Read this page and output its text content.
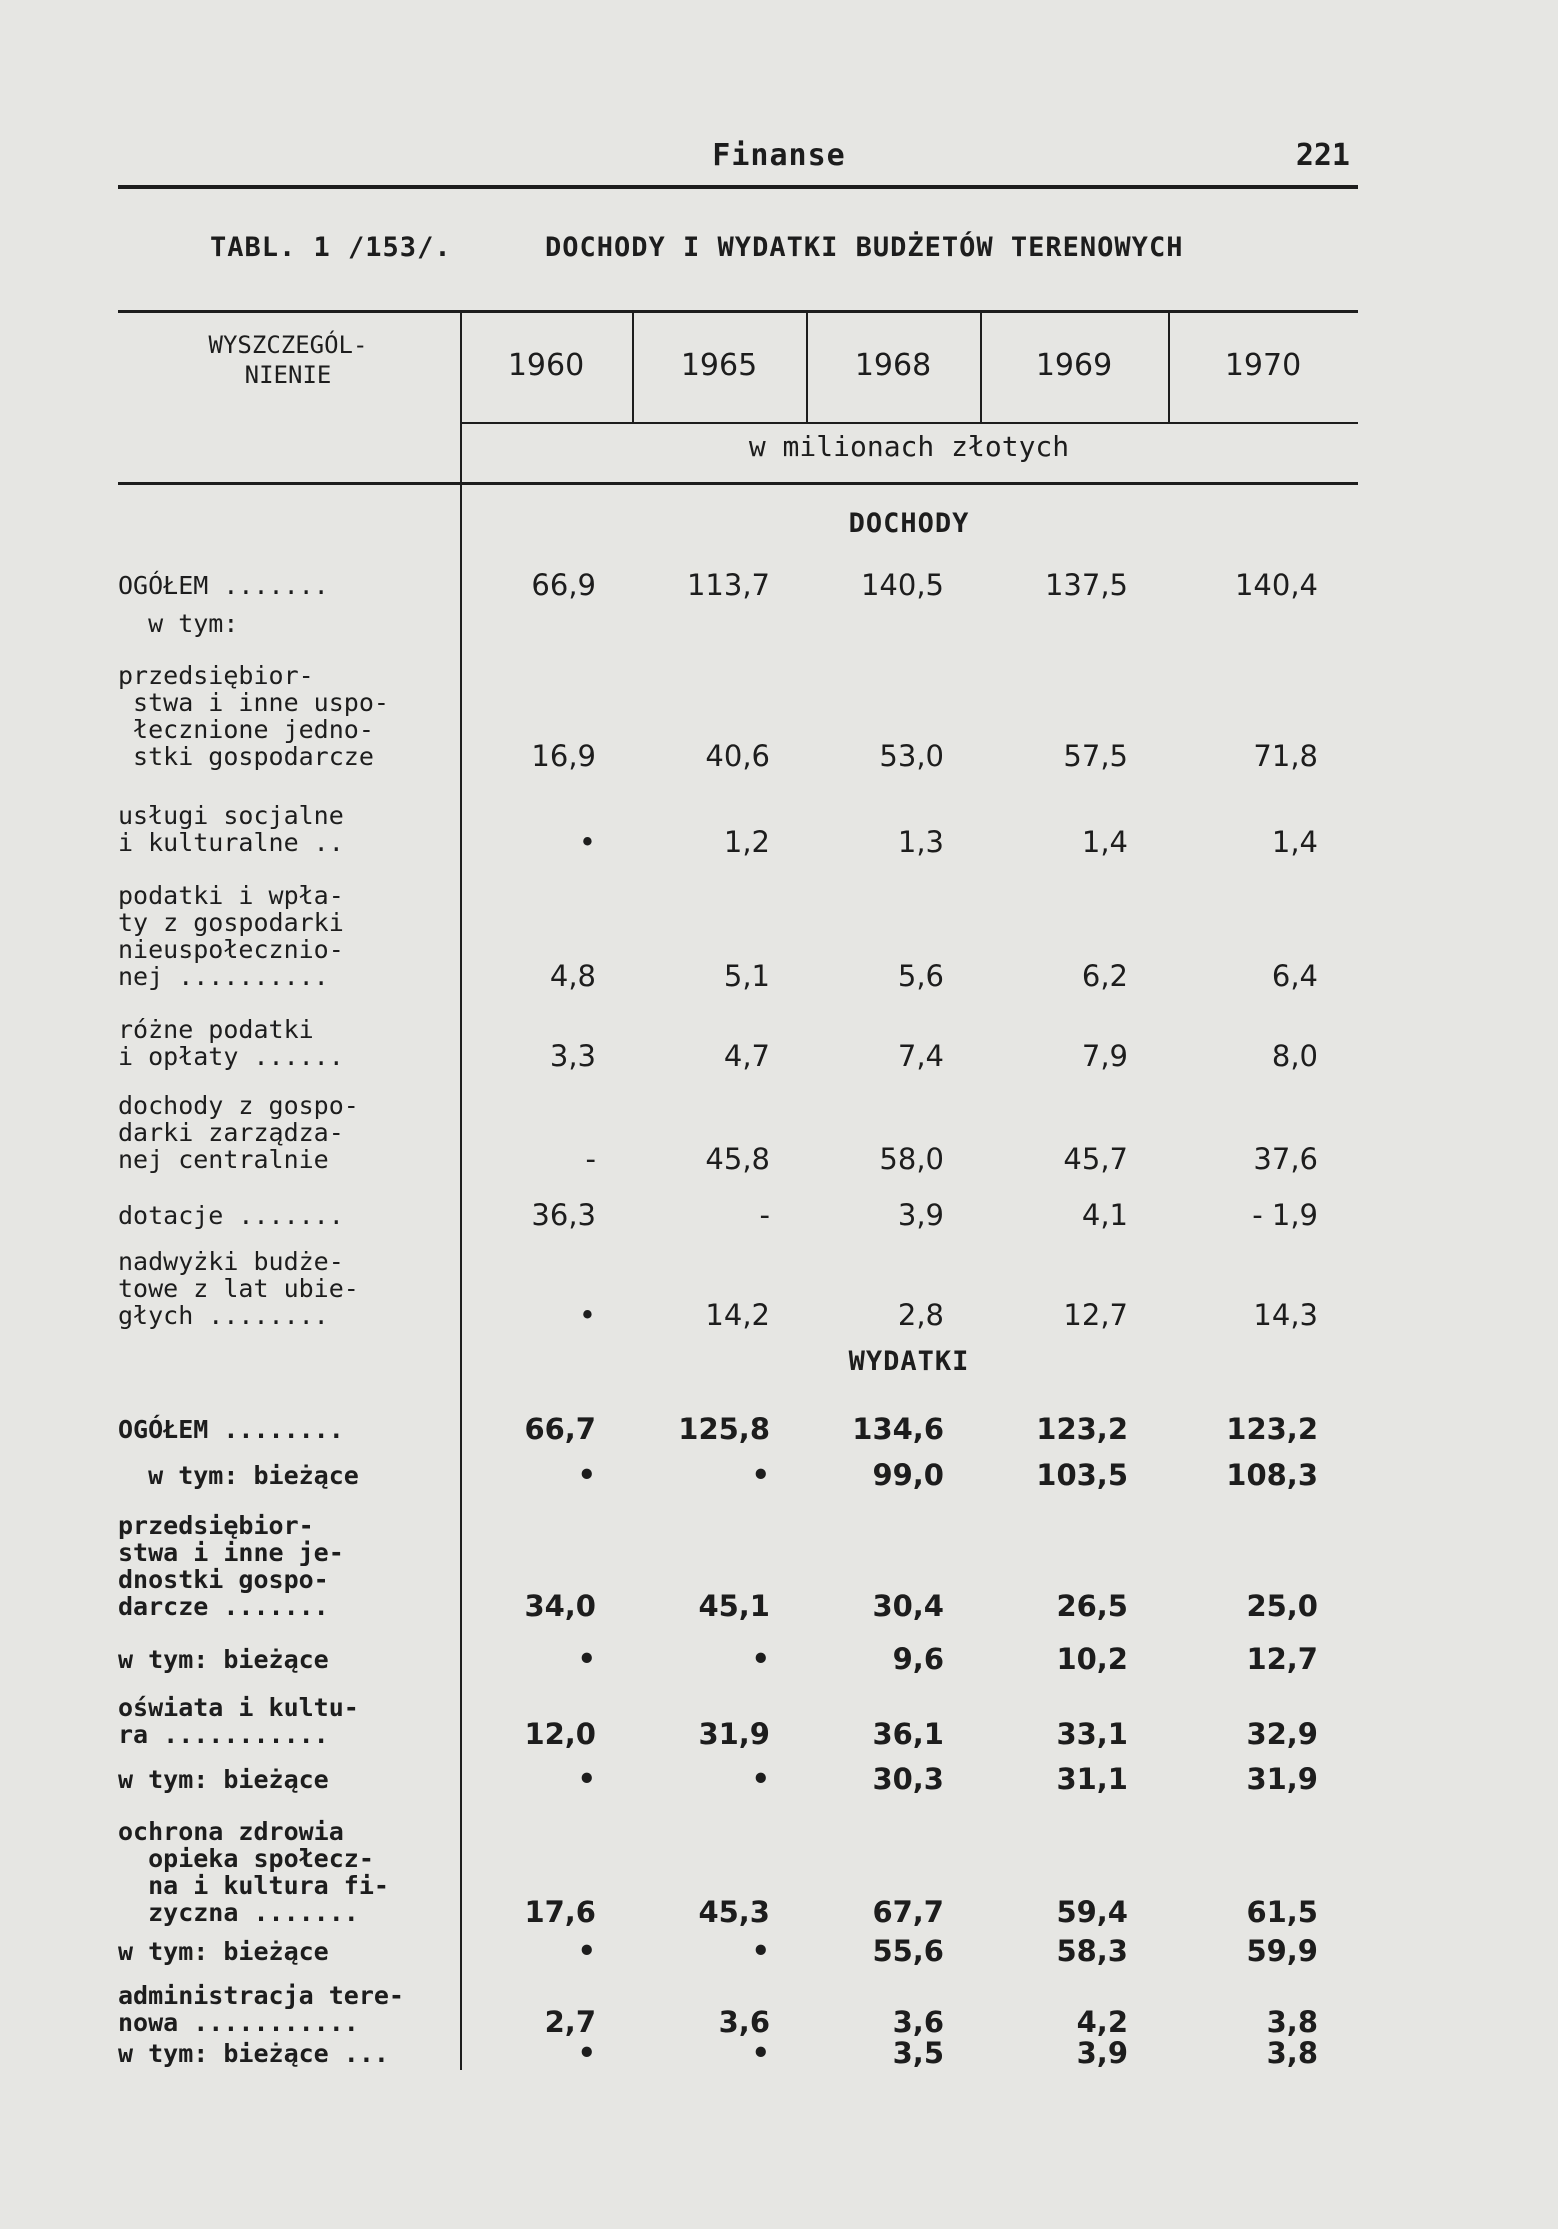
Finanse	221
TABL. 1 /153/.	DOCHODY I WYDATKI BUDŻETÓW TERENOWYCH
WYSZCZEGÓL-
NIENIE	1960	1965	1968	1969	1970
w milionach złotych
DOCHODY
OGÓŁEM .......	66,9	113,7	140,5	137,5	140,4
w tym:
przedsiębior-
stwa i inne uspo-
łecznione jedno-
stki gospodarcze	16,9	40,6	53,0	57,5	71,8
usługi socjalne
i kulturalne ..	•	1,2	1,3	1,4	1,4
podatki i wpła-
ty z gospodarki
nieuspołecznio-
nej ..........	4,8	5,1	5,6	6,2	6,4
różne podatki
i opłaty ......	3,3	4,7	7,4	7,9	8,0
dochody z gospo-
darki zarządza-
nej centralnie	-	45,8	58,0	45,7	37,6
dotacje .......	36,3	-	3,9	4,1	- 1,9
nadwyżki budże-
towe z lat ubie-
głych ........	•	14,2	2,8	12,7	14,3
WYDATKI
OGÓŁEM ........	66,7	125,8	134,6	123,2	123,2
w tym: bieżące	•	•	99,0	103,5	108,3
przedsiębior-
stwa i inne je-
dnostki gospo-
darcze .......	34,0	45,1	30,4	26,5	25,0
w tym: bieżące	•	•	9,6	10,2	12,7
oświata i kultu-
ra ...........	12,0	31,9	36,1	33,1	32,9
w tym: bieżące	•	•	30,3	31,1	31,9
ochrona zdrowia
opieka społecz-
na i kultura fi-
zyczna .......	17,6	45,3	67,7	59,4	61,5
w tym: bieżące	•	•	55,6	58,3	59,9
administracja tere-
nowa ...........	2,7	3,6	3,6	4,2	3,8
w tym: bieżące ...	•	•	3,5	3,9	3,8
